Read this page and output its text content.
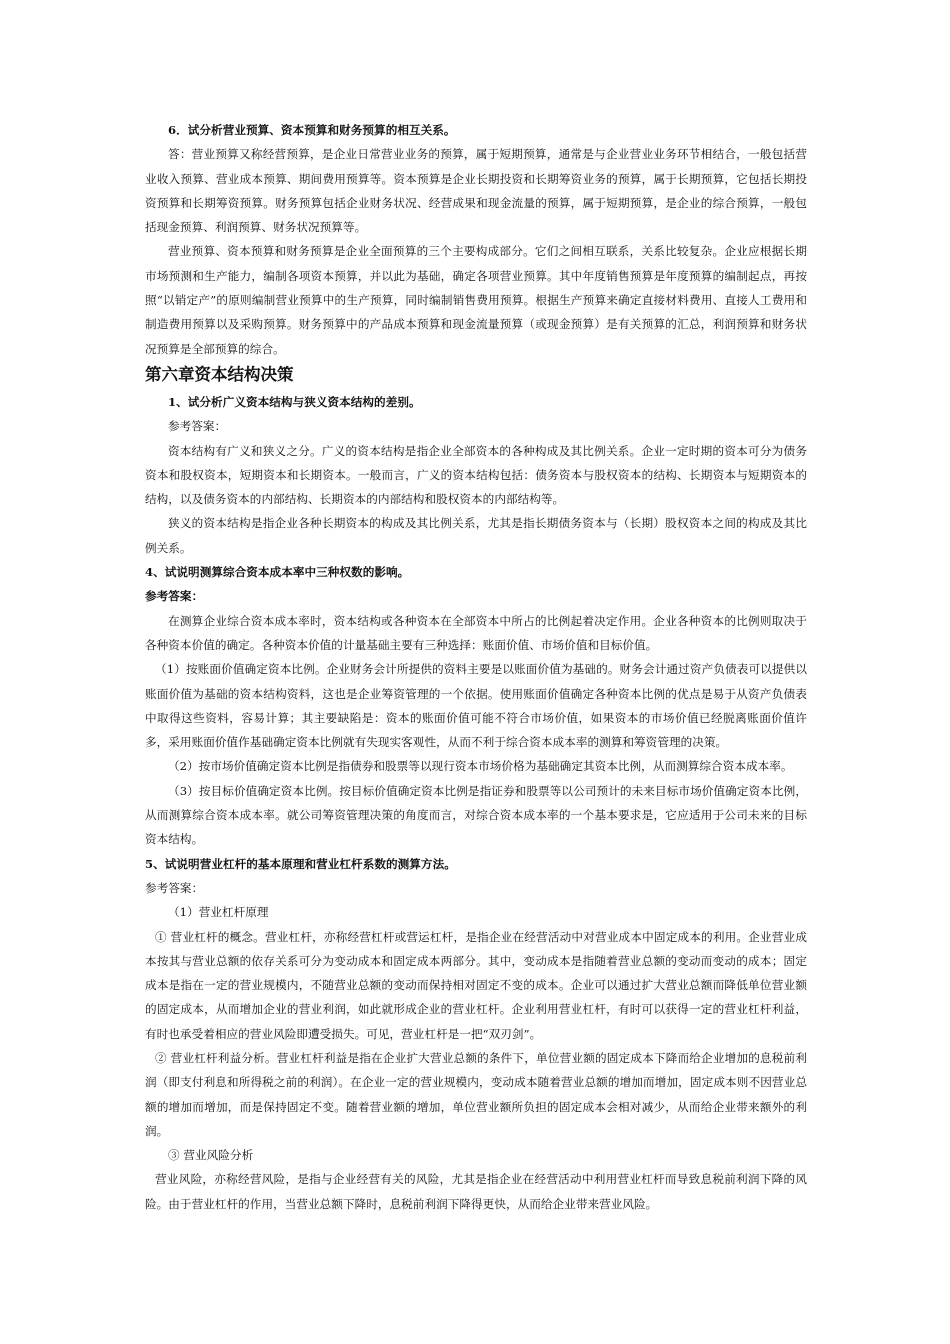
6．试分析营业预算、资本预算和财务预算的相互关系。

答：营业预算又称经营预算，是企业日常营业业务的预算，属于短期预算，通常是与企业营业业务环节相结合，一般包括营业收入预算、营业成本预算、期间费用预算等。资本预算是企业长期投资和长期筹资业务的预算，属于长期预算，它包括长期投资预算和长期筹资预算。财务预算包括企业财务状况、经营成果和现金流量的预算，属于短期预算，是企业的综合预算，一般包括现金预算、利润预算、财务状况预算等。

营业预算、资本预算和财务预算是企业全面预算的三个主要构成部分。它们之间相互联系，关系比较复杂。企业应根据长期市场预测和生产能力，编制各项资本预算，并以此为基础，确定各项营业预算。其中年度销售预算是年度预算的编制起点，再按照“以销定产”的原则编制营业预算中的生产预算，同时编制销售费用预算。根据生产预算来确定直接材料费用、直接人工费用和制造费用预算以及采购预算。财务预算中的产品成本预算和现金流量预算（或现金预算）是有关预算的汇总，利润预算和财务状况预算是全部预算的综合。

第六章资本结构决策

1、试分析广义资本结构与狭义资本结构的差别。

参考答案：

资本结构有广义和狭义之分。广义的资本结构是指企业全部资本的各种构成及其比例关系。企业一定时期的资本可分为债务资本和股权资本，短期资本和长期资本。一般而言，广义的资本结构包括：债务资本与股权资本的结构、长期资本与短期资本的结构，以及债务资本的内部结构、长期资本的内部结构和股权资本的内部结构等。

狭义的资本结构是指企业各种长期资本的构成及其比例关系，尤其是指长期债务资本与（长期）股权资本之间的构成及其比例关系。

4、试说明测算综合资本成本率中三种权数的影响。

参考答案：

在测算企业综合资本成本率时，资本结构或各种资本在全部资本中所占的比例起着决定作用。企业各种资本的比例则取决于各种资本价值的确定。各种资本价值的计量基础主要有三种选择：账面价值、市场价值和目标价值。

（1）按账面价值确定资本比例。企业财务会计所提供的资料主要是以账面价值为基础的。财务会计通过资产负债表可以提供以账面价值为基础的资本结构资料，这也是企业筹资管理的一个依据。使用账面价值确定各种资本比例的优点是易于从资产负债表中取得这些资料，容易计算；其主要缺陷是：资本的账面价值可能不符合市场价值，如果资本的市场价值已经脱离账面价值许多，采用账面价值作基础确定资本比例就有失现实客观性，从而不利于综合资本成本率的测算和筹资管理的决策。

（2）按市场价值确定资本比例是指债券和股票等以现行资本市场价格为基础确定其资本比例，从而测算综合资本成本率。

（3）按目标价值确定资本比例。按目标价值确定资本比例是指证券和股票等以公司预计的未来目标市场价值确定资本比例，从而测算综合资本成本率。就公司筹资管理决策的角度而言，对综合资本成本率的一个基本要求是，它应适用于公司未来的目标资本结构。

5、试说明营业杠杆的基本原理和营业杠杆系数的测算方法。

参考答案：

（1）营业杠杆原理

① 营业杠杆的概念。营业杠杆，亦称经营杠杆或营运杠杆，是指企业在经营活动中对营业成本中固定成本的利用。企业营业成本按其与营业总额的依存关系可分为变动成本和固定成本两部分。其中，变动成本是指随着营业总额的变动而变动的成本；固定成本是指在一定的营业规模内，不随营业总额的变动而保持相对固定不变的成本。企业可以通过扩大营业总额而降低单位营业额的固定成本，从而增加企业的营业利润，如此就形成企业的营业杠杆。企业利用营业杠杆，有时可以获得一定的营业杠杆利益，有时也承受着相应的营业风险即遭受损失。可见，营业杠杆是一把“双刃剑”。

② 营业杠杆利益分析。营业杠杆利益是指在企业扩大营业总额的条件下，单位营业额的固定成本下降而给企业增加的息税前利润（即支付利息和所得税之前的利润）。在企业一定的营业规模内，变动成本随着营业总额的增加而增加，固定成本则不因营业总额的增加而增加，而是保持固定不变。随着营业额的增加，单位营业额所负担的固定成本会相对减少，从而给企业带来额外的利润。

③ 营业风险分析

营业风险，亦称经营风险，是指与企业经营有关的风险，尤其是指企业在经营活动中利用营业杠杆而导致息税前利润下降的风险。由于营业杠杆的作用，当营业总额下降时，息税前利润下降得更快，从而给企业带来营业风险。
